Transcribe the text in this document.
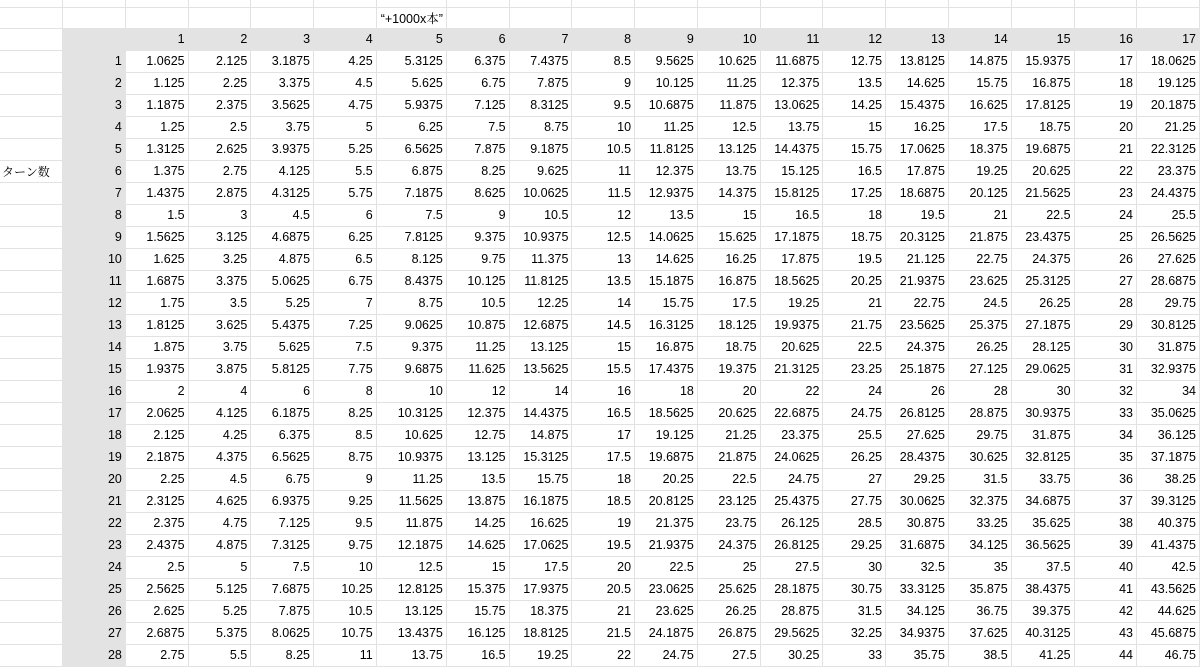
						“+1000x本”												
		1	2	3	4	5	6	7	8	9	10	11	12	13	14	15	16	17
	1	1.0625	2.125	3.1875	4.25	5.3125	6.375	7.4375	8.5	9.5625	10.625	11.6875	12.75	13.8125	14.875	15.9375	17	18.0625
	2	1.125	2.25	3.375	4.5	5.625	6.75	7.875	9	10.125	11.25	12.375	13.5	14.625	15.75	16.875	18	19.125
	3	1.1875	2.375	3.5625	4.75	5.9375	7.125	8.3125	9.5	10.6875	11.875	13.0625	14.25	15.4375	16.625	17.8125	19	20.1875
	4	1.25	2.5	3.75	5	6.25	7.5	8.75	10	11.25	12.5	13.75	15	16.25	17.5	18.75	20	21.25
	5	1.3125	2.625	3.9375	5.25	6.5625	7.875	9.1875	10.5	11.8125	13.125	14.4375	15.75	17.0625	18.375	19.6875	21	22.3125
ターン数	6	1.375	2.75	4.125	5.5	6.875	8.25	9.625	11	12.375	13.75	15.125	16.5	17.875	19.25	20.625	22	23.375
	7	1.4375	2.875	4.3125	5.75	7.1875	8.625	10.0625	11.5	12.9375	14.375	15.8125	17.25	18.6875	20.125	21.5625	23	24.4375
	8	1.5	3	4.5	6	7.5	9	10.5	12	13.5	15	16.5	18	19.5	21	22.5	24	25.5
	9	1.5625	3.125	4.6875	6.25	7.8125	9.375	10.9375	12.5	14.0625	15.625	17.1875	18.75	20.3125	21.875	23.4375	25	26.5625
	10	1.625	3.25	4.875	6.5	8.125	9.75	11.375	13	14.625	16.25	17.875	19.5	21.125	22.75	24.375	26	27.625
	11	1.6875	3.375	5.0625	6.75	8.4375	10.125	11.8125	13.5	15.1875	16.875	18.5625	20.25	21.9375	23.625	25.3125	27	28.6875
	12	1.75	3.5	5.25	7	8.75	10.5	12.25	14	15.75	17.5	19.25	21	22.75	24.5	26.25	28	29.75
	13	1.8125	3.625	5.4375	7.25	9.0625	10.875	12.6875	14.5	16.3125	18.125	19.9375	21.75	23.5625	25.375	27.1875	29	30.8125
	14	1.875	3.75	5.625	7.5	9.375	11.25	13.125	15	16.875	18.75	20.625	22.5	24.375	26.25	28.125	30	31.875
	15	1.9375	3.875	5.8125	7.75	9.6875	11.625	13.5625	15.5	17.4375	19.375	21.3125	23.25	25.1875	27.125	29.0625	31	32.9375
	16	2	4	6	8	10	12	14	16	18	20	22	24	26	28	30	32	34
	17	2.0625	4.125	6.1875	8.25	10.3125	12.375	14.4375	16.5	18.5625	20.625	22.6875	24.75	26.8125	28.875	30.9375	33	35.0625
	18	2.125	4.25	6.375	8.5	10.625	12.75	14.875	17	19.125	21.25	23.375	25.5	27.625	29.75	31.875	34	36.125
	19	2.1875	4.375	6.5625	8.75	10.9375	13.125	15.3125	17.5	19.6875	21.875	24.0625	26.25	28.4375	30.625	32.8125	35	37.1875
	20	2.25	4.5	6.75	9	11.25	13.5	15.75	18	20.25	22.5	24.75	27	29.25	31.5	33.75	36	38.25
	21	2.3125	4.625	6.9375	9.25	11.5625	13.875	16.1875	18.5	20.8125	23.125	25.4375	27.75	30.0625	32.375	34.6875	37	39.3125
	22	2.375	4.75	7.125	9.5	11.875	14.25	16.625	19	21.375	23.75	26.125	28.5	30.875	33.25	35.625	38	40.375
	23	2.4375	4.875	7.3125	9.75	12.1875	14.625	17.0625	19.5	21.9375	24.375	26.8125	29.25	31.6875	34.125	36.5625	39	41.4375
	24	2.5	5	7.5	10	12.5	15	17.5	20	22.5	25	27.5	30	32.5	35	37.5	40	42.5
	25	2.5625	5.125	7.6875	10.25	12.8125	15.375	17.9375	20.5	23.0625	25.625	28.1875	30.75	33.3125	35.875	38.4375	41	43.5625
	26	2.625	5.25	7.875	10.5	13.125	15.75	18.375	21	23.625	26.25	28.875	31.5	34.125	36.75	39.375	42	44.625
	27	2.6875	5.375	8.0625	10.75	13.4375	16.125	18.8125	21.5	24.1875	26.875	29.5625	32.25	34.9375	37.625	40.3125	43	45.6875
	28	2.75	5.5	8.25	11	13.75	16.5	19.25	22	24.75	27.5	30.25	33	35.75	38.5	41.25	44	46.75
